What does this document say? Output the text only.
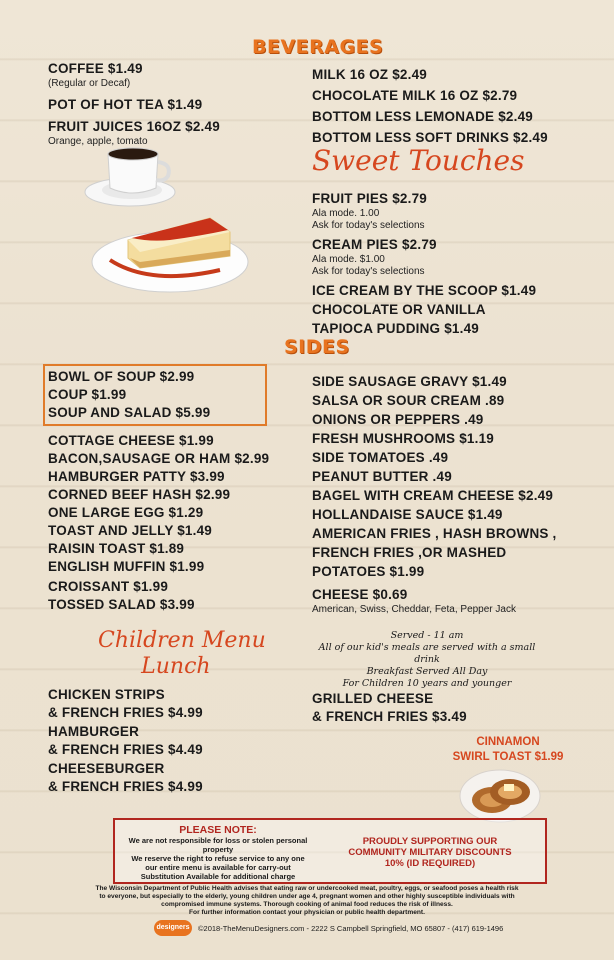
BEVERAGES
COFFEE $1.49
(Regular or Decaf)
POT OF HOT TEA $1.49
FRUIT JUICES 16OZ $2.49
Orange, apple, tomato
MILK 16 OZ $2.49
CHOCOLATE MILK 16 OZ $2.79
BOTTOM LESS LEMONADE $2.49
BOTTOM LESS SOFT DRINKS $2.49
Sweet Touches
FRUIT PIES $2.79
Ala mode. 1.00
Ask for today's selections
CREAM PIES $2.79
Ala mode. $1.00
Ask for today's selections
ICE CREAM BY THE SCOOP $1.49
CHOCOLATE OR VANILLA
TAPIOCA PUDDING $1.49
SIDES
BOWL OF SOUP $2.99
COUP $1.99
SOUP AND SALAD $5.99
COTTAGE CHEESE $1.99
BACON,SAUSAGE OR HAM $2.99
HAMBURGER PATTY $3.99
CORNED BEEF HASH $2.99
ONE LARGE EGG $1.29
TOAST AND JELLY $1.49
RAISIN TOAST $1.89
ENGLISH MUFFIN $1.99
CROISSANT $1.99
TOSSED SALAD $3.99
SIDE SAUSAGE GRAVY $1.49
SALSA OR SOUR CREAM .89
ONIONS OR PEPPERS .49
FRESH MUSHROOMS $1.19
SIDE TOMATOES .49
PEANUT BUTTER .49
BAGEL WITH CREAM CHEESE $2.49
HOLLANDAISE SAUCE $1.49
AMERICAN FRIES , HASH BROWNS ,
FRENCH FRIES ,OR MASHED
POTATOES $1.99
CHEESE $0.69
American, Swiss, Cheddar, Feta, Pepper Jack
Children Menu
Lunch
CHICKEN STRIPS
& FRENCH FRIES $4.99
HAMBURGER
& FRENCH FRIES $4.49
CHEESEBURGER
& FRENCH FRIES $4.99
Served - 11 am
All of our kid's meals are served with a small drink
Breakfast Served All Day
For Children 10 years and younger
GRILLED CHEESE
& FRENCH FRIES $3.49
CINNAMON
SWIRL TOAST $1.99
PLEASE NOTE:
We are not responsible for loss or stolen personal property
We reserve the right to refuse service to any one
our entire menu is available for carry-out
Substitution Available for additional charge
PROUDLY SUPPORTING OUR
COMMUNITY MILITARY DISCOUNTS
10% (ID REQUIRED)
The Wisconsin Department of Public Health advises that eating raw or undercooked meat, poultry, eggs, or seafood poses a health risk
to everyone, but especially to the elderly, young children under age 4, pregnant women and other highly susceptible individuals with
compromised immune systems. Thorough cooking of animal food reduces the risk of illness.
For further information contact your physician or public health department.
designers	©2018-TheMenuDesigners.com - 2222 S Campbell Springfield, MO 65807 - (417) 619-1496
